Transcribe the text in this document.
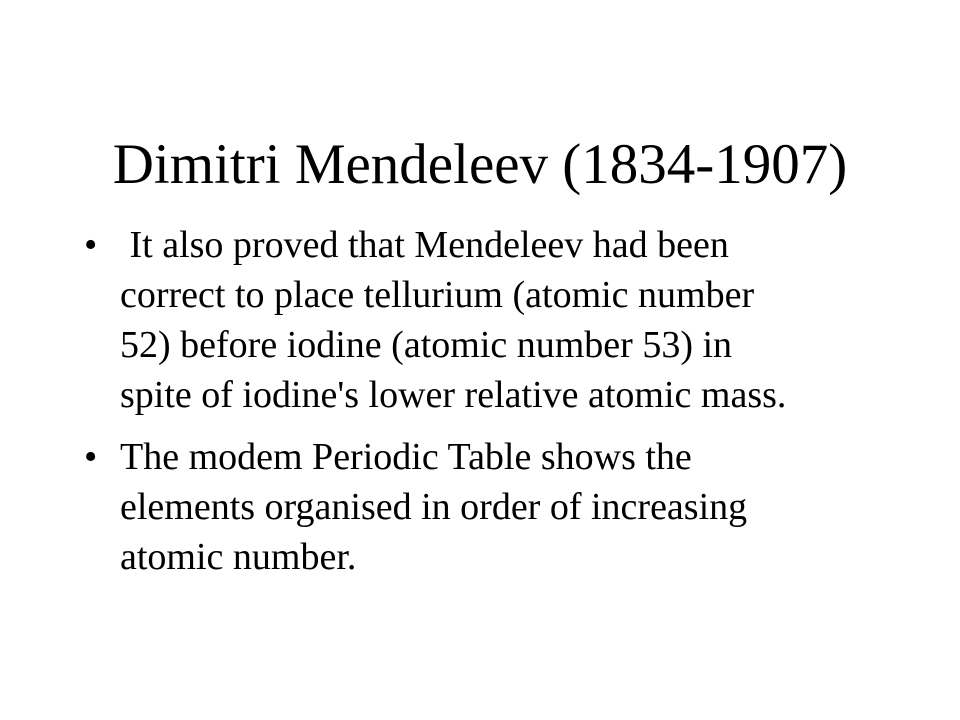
Dimitri Mendeleev (1834-1907)
• It also proved that Mendeleev had been
correct to place tellurium (atomic number
52) before iodine (atomic number 53) in
spite of iodine's lower relative atomic mass.
• The modem Periodic Table shows the
elements organised in order of increasing
atomic number.
